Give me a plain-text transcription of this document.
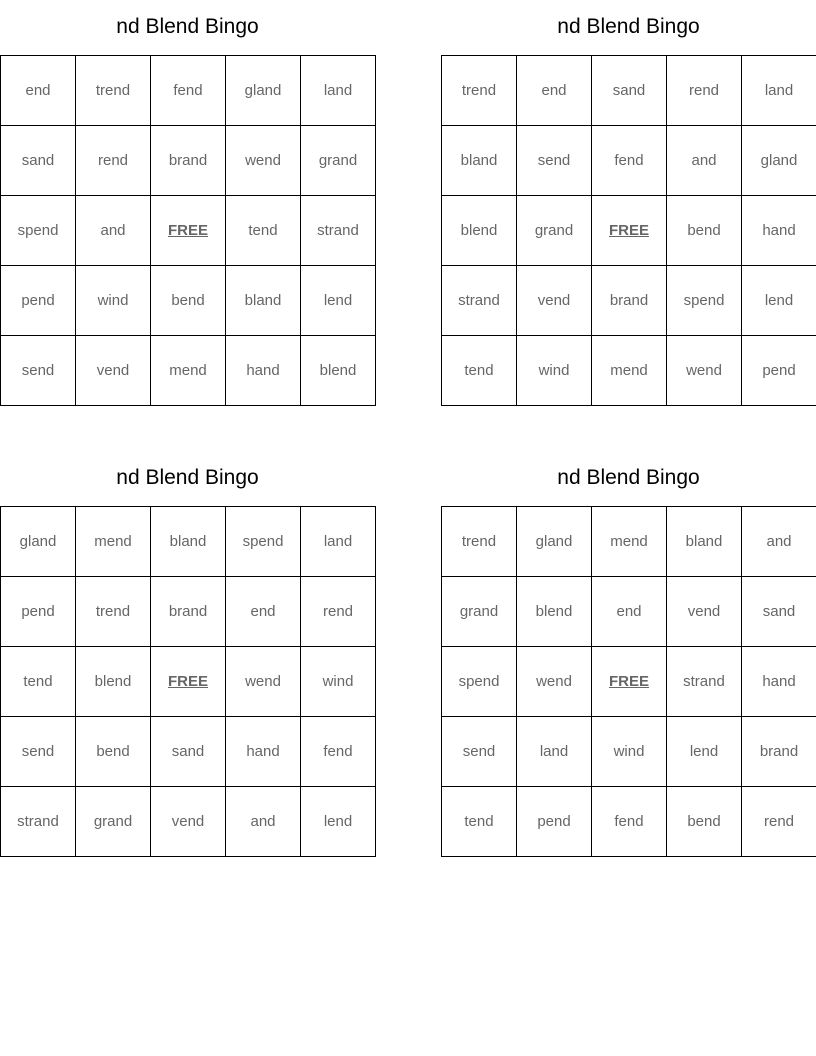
nd Blend Bingo
end	trend	fend	gland	land
sand	rend	brand	wend	grand
spend	and	FREE	tend	strand
pend	wind	bend	bland	lend
send	vend	mend	hand	blend
nd Blend Bingo
trend	end	sand	rend	land
bland	send	fend	and	gland
blend	grand	FREE	bend	hand
strand	vend	brand	spend	lend
tend	wind	mend	wend	pend
nd Blend Bingo
gland	mend	bland	spend	land
pend	trend	brand	end	rend
tend	blend	FREE	wend	wind
send	bend	sand	hand	fend
strand	grand	vend	and	lend
nd Blend Bingo
trend	gland	mend	bland	and
grand	blend	end	vend	sand
spend	wend	FREE	strand	hand
send	land	wind	lend	brand
tend	pend	fend	bend	rend
